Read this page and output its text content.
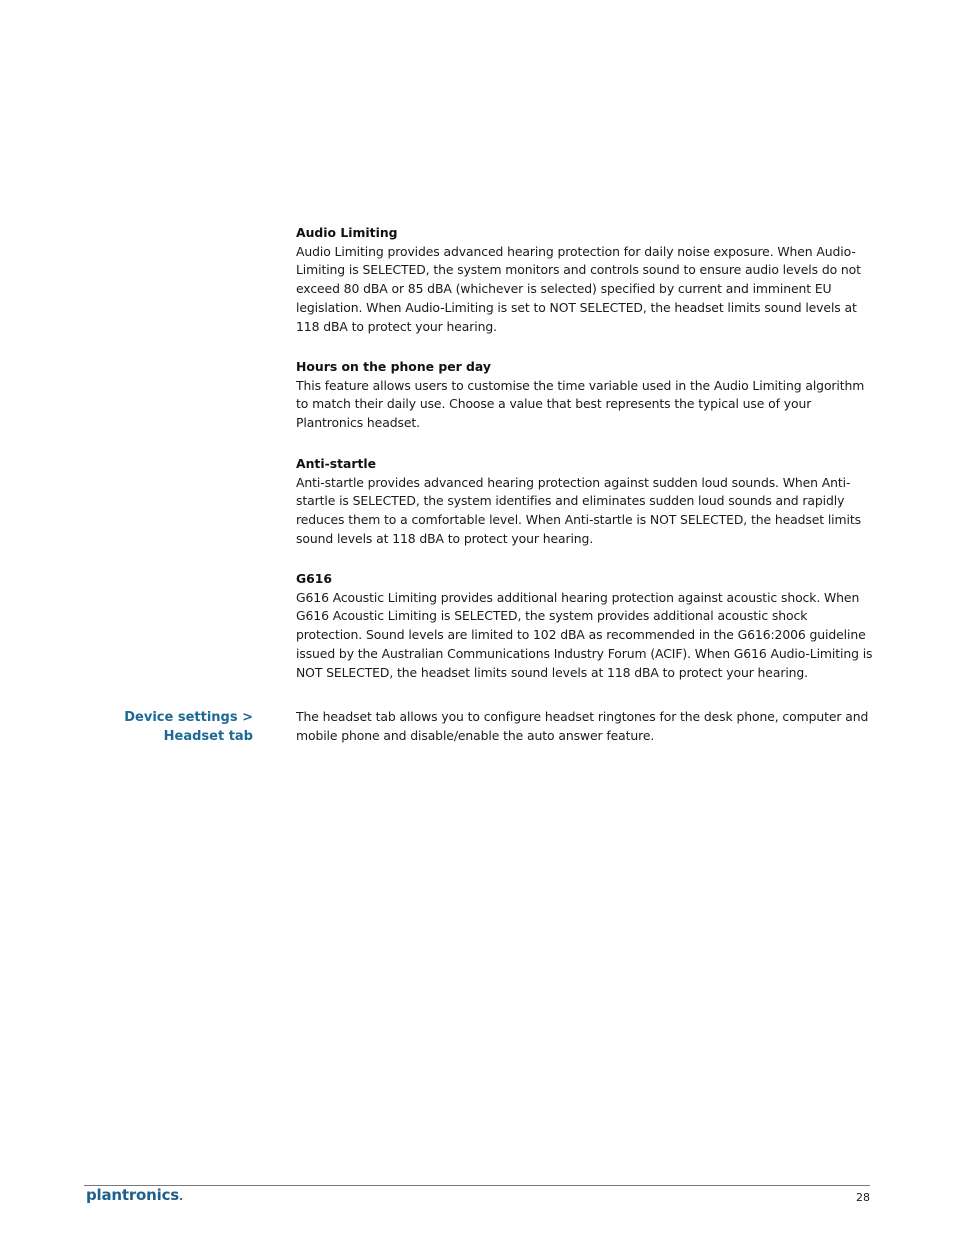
Audio Limiting

Audio Limiting provides advanced hearing protection for daily noise exposure. When Audio-Limiting is SELECTED, the system monitors and controls sound to ensure audio levels do not exceed 80 dBA or 85 dBA (whichever is selected) specified by current and imminent EU legislation. When Audio-Limiting is set to NOT SELECTED, the headset limits sound levels at 118 dBA to protect your hearing.

Hours on the phone per day

This feature allows users to customise the time variable used in the Audio Limiting algorithm to match their daily use. Choose a value that best represents the typical use of your Plantronics headset.

Anti-startle

Anti-startle provides advanced hearing protection against sudden loud sounds. When Anti-startle is SELECTED, the system identifies and eliminates sudden loud sounds and rapidly reduces them to a comfortable level. When Anti-startle is NOT SELECTED, the headset limits sound levels at 118 dBA to protect your hearing.

G616

G616 Acoustic Limiting provides additional hearing protection against acoustic shock. When G616 Acoustic Limiting is SELECTED, the system provides additional acoustic shock protection. Sound levels are limited to 102 dBA as recommended in the G616:2006 guideline issued by the Australian Communications Industry Forum (ACIF). When G616 Audio-Limiting is NOT SELECTED, the headset limits sound levels at 118 dBA to protect your hearing.

Device settings > Headset tab

The headset tab allows you to configure headset ringtones for the desk phone, computer and mobile phone and disable/enable the auto answer feature.

plantronics.	28
